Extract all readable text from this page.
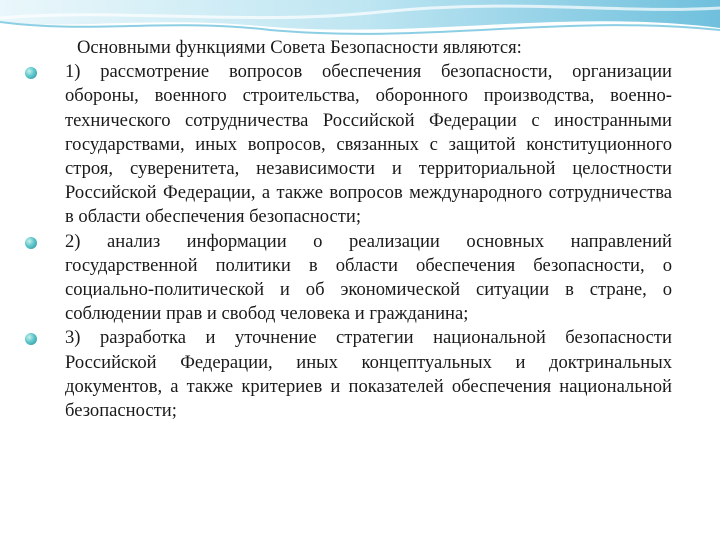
Основными функциями Совета Безопасности являются:

1) рассмотрение вопросов обеспечения безопасности, организации обороны, военного строительства, оборонного производства, военно-технического сотрудничества Российской Федерации с иностранными государствами, иных вопросов, связанных с защитой конституционного строя, суверенитета, независимости и территориальной целостности Российской Федерации, а также вопросов международного сотрудничества в области обеспечения безопасности;
2) анализ информации о реализации основных направлений государственной политики в области обеспечения безопасности, о социально-политической и об экономической ситуации в стране, о соблюдении прав и свобод человека и гражданина;
3) разработка и уточнение стратегии национальной безопасности Российской Федерации, иных концептуальных и доктринальных документов, а также критериев и показателей обеспечения национальной безопасности;
